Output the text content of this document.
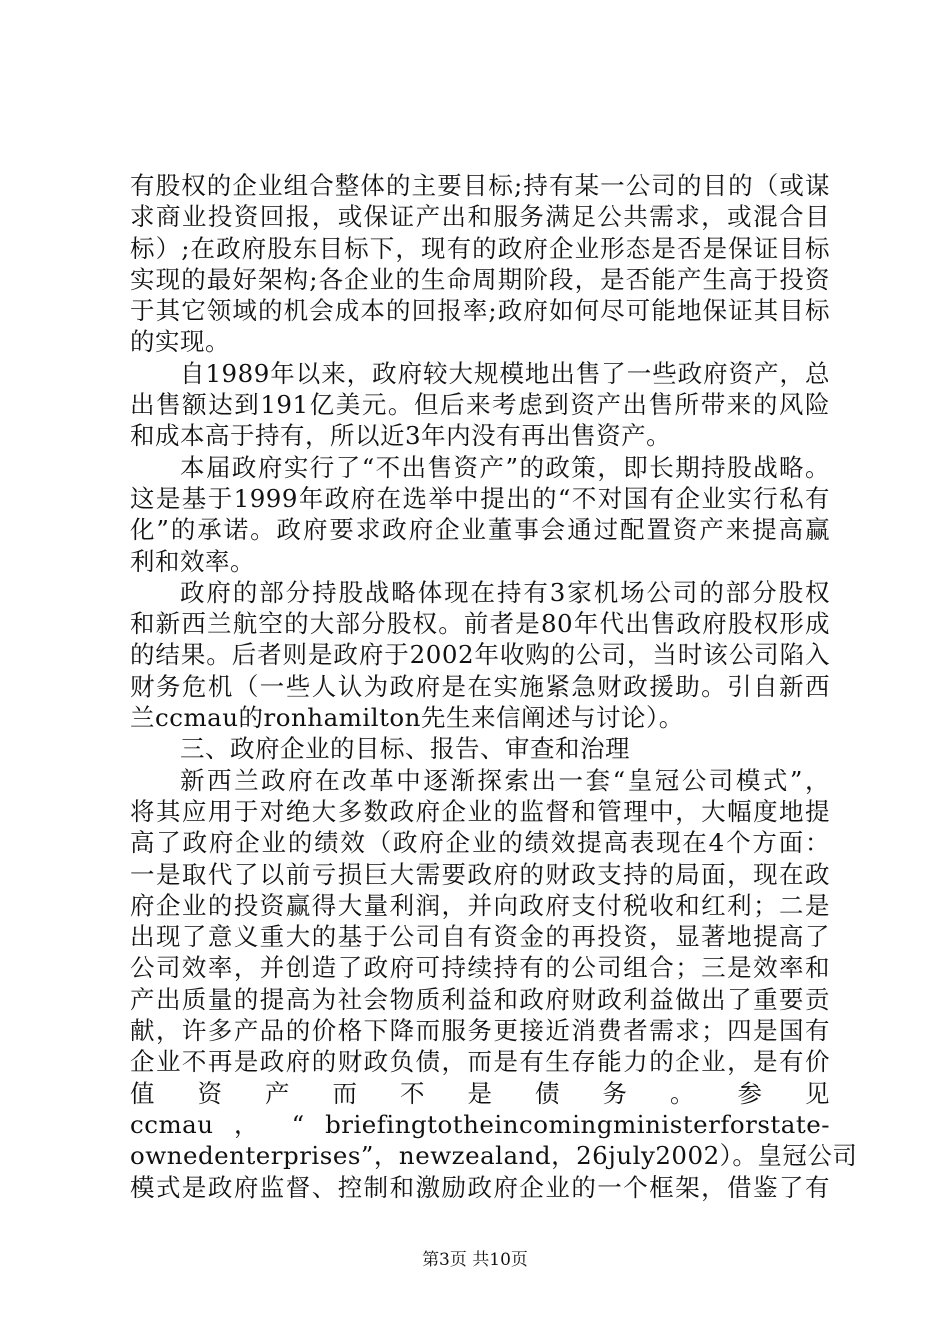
有股权的企业组合整体的主要目标;持有某一公司的目的（或谋
求商业投资回报，或保证产出和服务满足公共需求，或混合目
标）;在政府股东目标下，现有的政府企业形态是否是保证目标
实现的最好架构;各企业的生命周期阶段，是否能产生高于投资
于其它领域的机会成本的回报率;政府如何尽可能地保证其目标
的实现。
自1989年以来，政府较大规模地出售了一些政府资产，总
出售额达到191亿美元。但后来考虑到资产出售所带来的风险
和成本高于持有，所以近3年内没有再出售资产。
本届政府实行了“不出售资产”的政策，即长期持股战略。
这是基于1999年政府在选举中提出的“不对国有企业实行私有
化”的承诺。政府要求政府企业董事会通过配置资产来提高赢
利和效率。
政府的部分持股战略体现在持有3家机场公司的部分股权
和新西兰航空的大部分股权。前者是80年代出售政府股权形成
的结果。后者则是政府于2002年收购的公司，当时该公司陷入
财务危机（一些人认为政府是在实施紧急财政援助。引自新西
兰ccmau的ronhamilton先生来信阐述与讨论）。
三、政府企业的目标、报告、审查和治理
新西兰政府在改革中逐渐探索出一套“皇冠公司模式”，
将其应用于对绝大多数政府企业的监督和管理中，大幅度地提
高了政府企业的绩效（政府企业的绩效提高表现在4个方面：
一是取代了以前亏损巨大需要政府的财政支持的局面，现在政
府企业的投资赢得大量利润，并向政府支付税收和红利；二是
出现了意义重大的基于公司自有资金的再投资，显著地提高了
公司效率，并创造了政府可持续持有的公司组合；三是效率和
产出质量的提高为社会物质利益和政府财政利益做出了重要贡
献，许多产品的价格下降而服务更接近消费者需求；四是国有
企业不再是政府的财政负债，而是有生存能力的企业，是有价
值 资 产 而 不 是 债 务 。 参 见
ccmau ， “ briefingtotheincomingministerforstate-
ownedenterprises”，newzealand，26july2002）。皇冠公司
模式是政府监督、控制和激励政府企业的一个框架，借鉴了有
第3页 共10页
